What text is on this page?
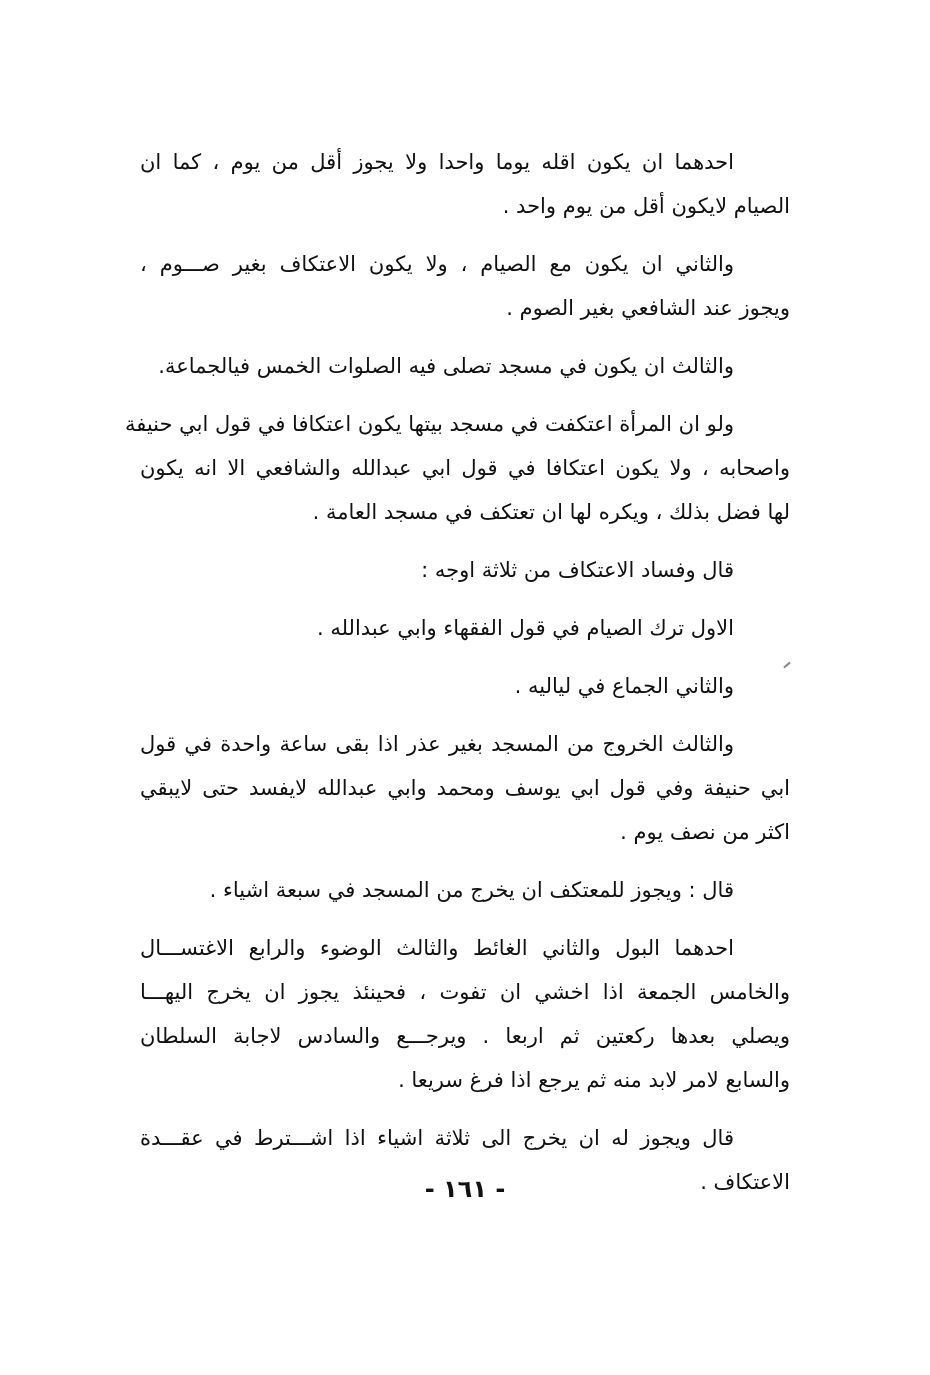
احدهما ان يكون اقله يوما واحدا ولا يجوز أقل من يوم ، كما ان
الصيام لايكون أقل من يوم واحد .
والثاني ان يكون مع الصيام ، ولا يكون الاعتكاف بغير صـــوم ،
ويجوز عند الشافعي بغير الصوم .
والثالث ان يكون في مسجد تصلى فيه الصلوات الخمس فيالجماعة.
ولو ان المرأة اعتكفت في مسجد بيتها يكون اعتكافا في قول ابي حنيفة
واصحابه ، ولا يكون اعتكافا في قول ابي عبدالله والشافعي الا انه يكون
لها فضل بذلك ، ويكره لها ان تعتكف في مسجد العامة .
قال وفساد الاعتكاف من ثلاثة اوجه :
الاول ترك الصيام في قول الفقهاء وابي عبدالله .
والثاني الجماع في لياليه .
والثالث الخروج من المسجد بغير عذر اذا بقى ساعة واحدة في قول
ابي حنيفة وفي قول ابي يوسف ومحمد وابي عبدالله لايفسد حتى لايبقي
اكثر من نصف يوم .
قال : ويجوز للمعتكف ان يخرج من المسجد في سبعة اشياء .
احدهما البول والثاني الغائط والثالث الوضوء والرابع الاغتســـال
والخامس الجمعة اذا اخشي ان تفوت ، فحينئذ يجوز ان يخرج اليهـــا
ويصلي بعدها ركعتين ثم اربعا . ويرجـــع والسادس لاجابة السلطان
والسابع لامر لابد منه ثم يرجع اذا فرغ سريعا .
قال ويجوز له ان يخرج الى ثلاثة اشياء اذا اشـــترط في عقـــدة
الاعتكاف .
- ١٦١ -
